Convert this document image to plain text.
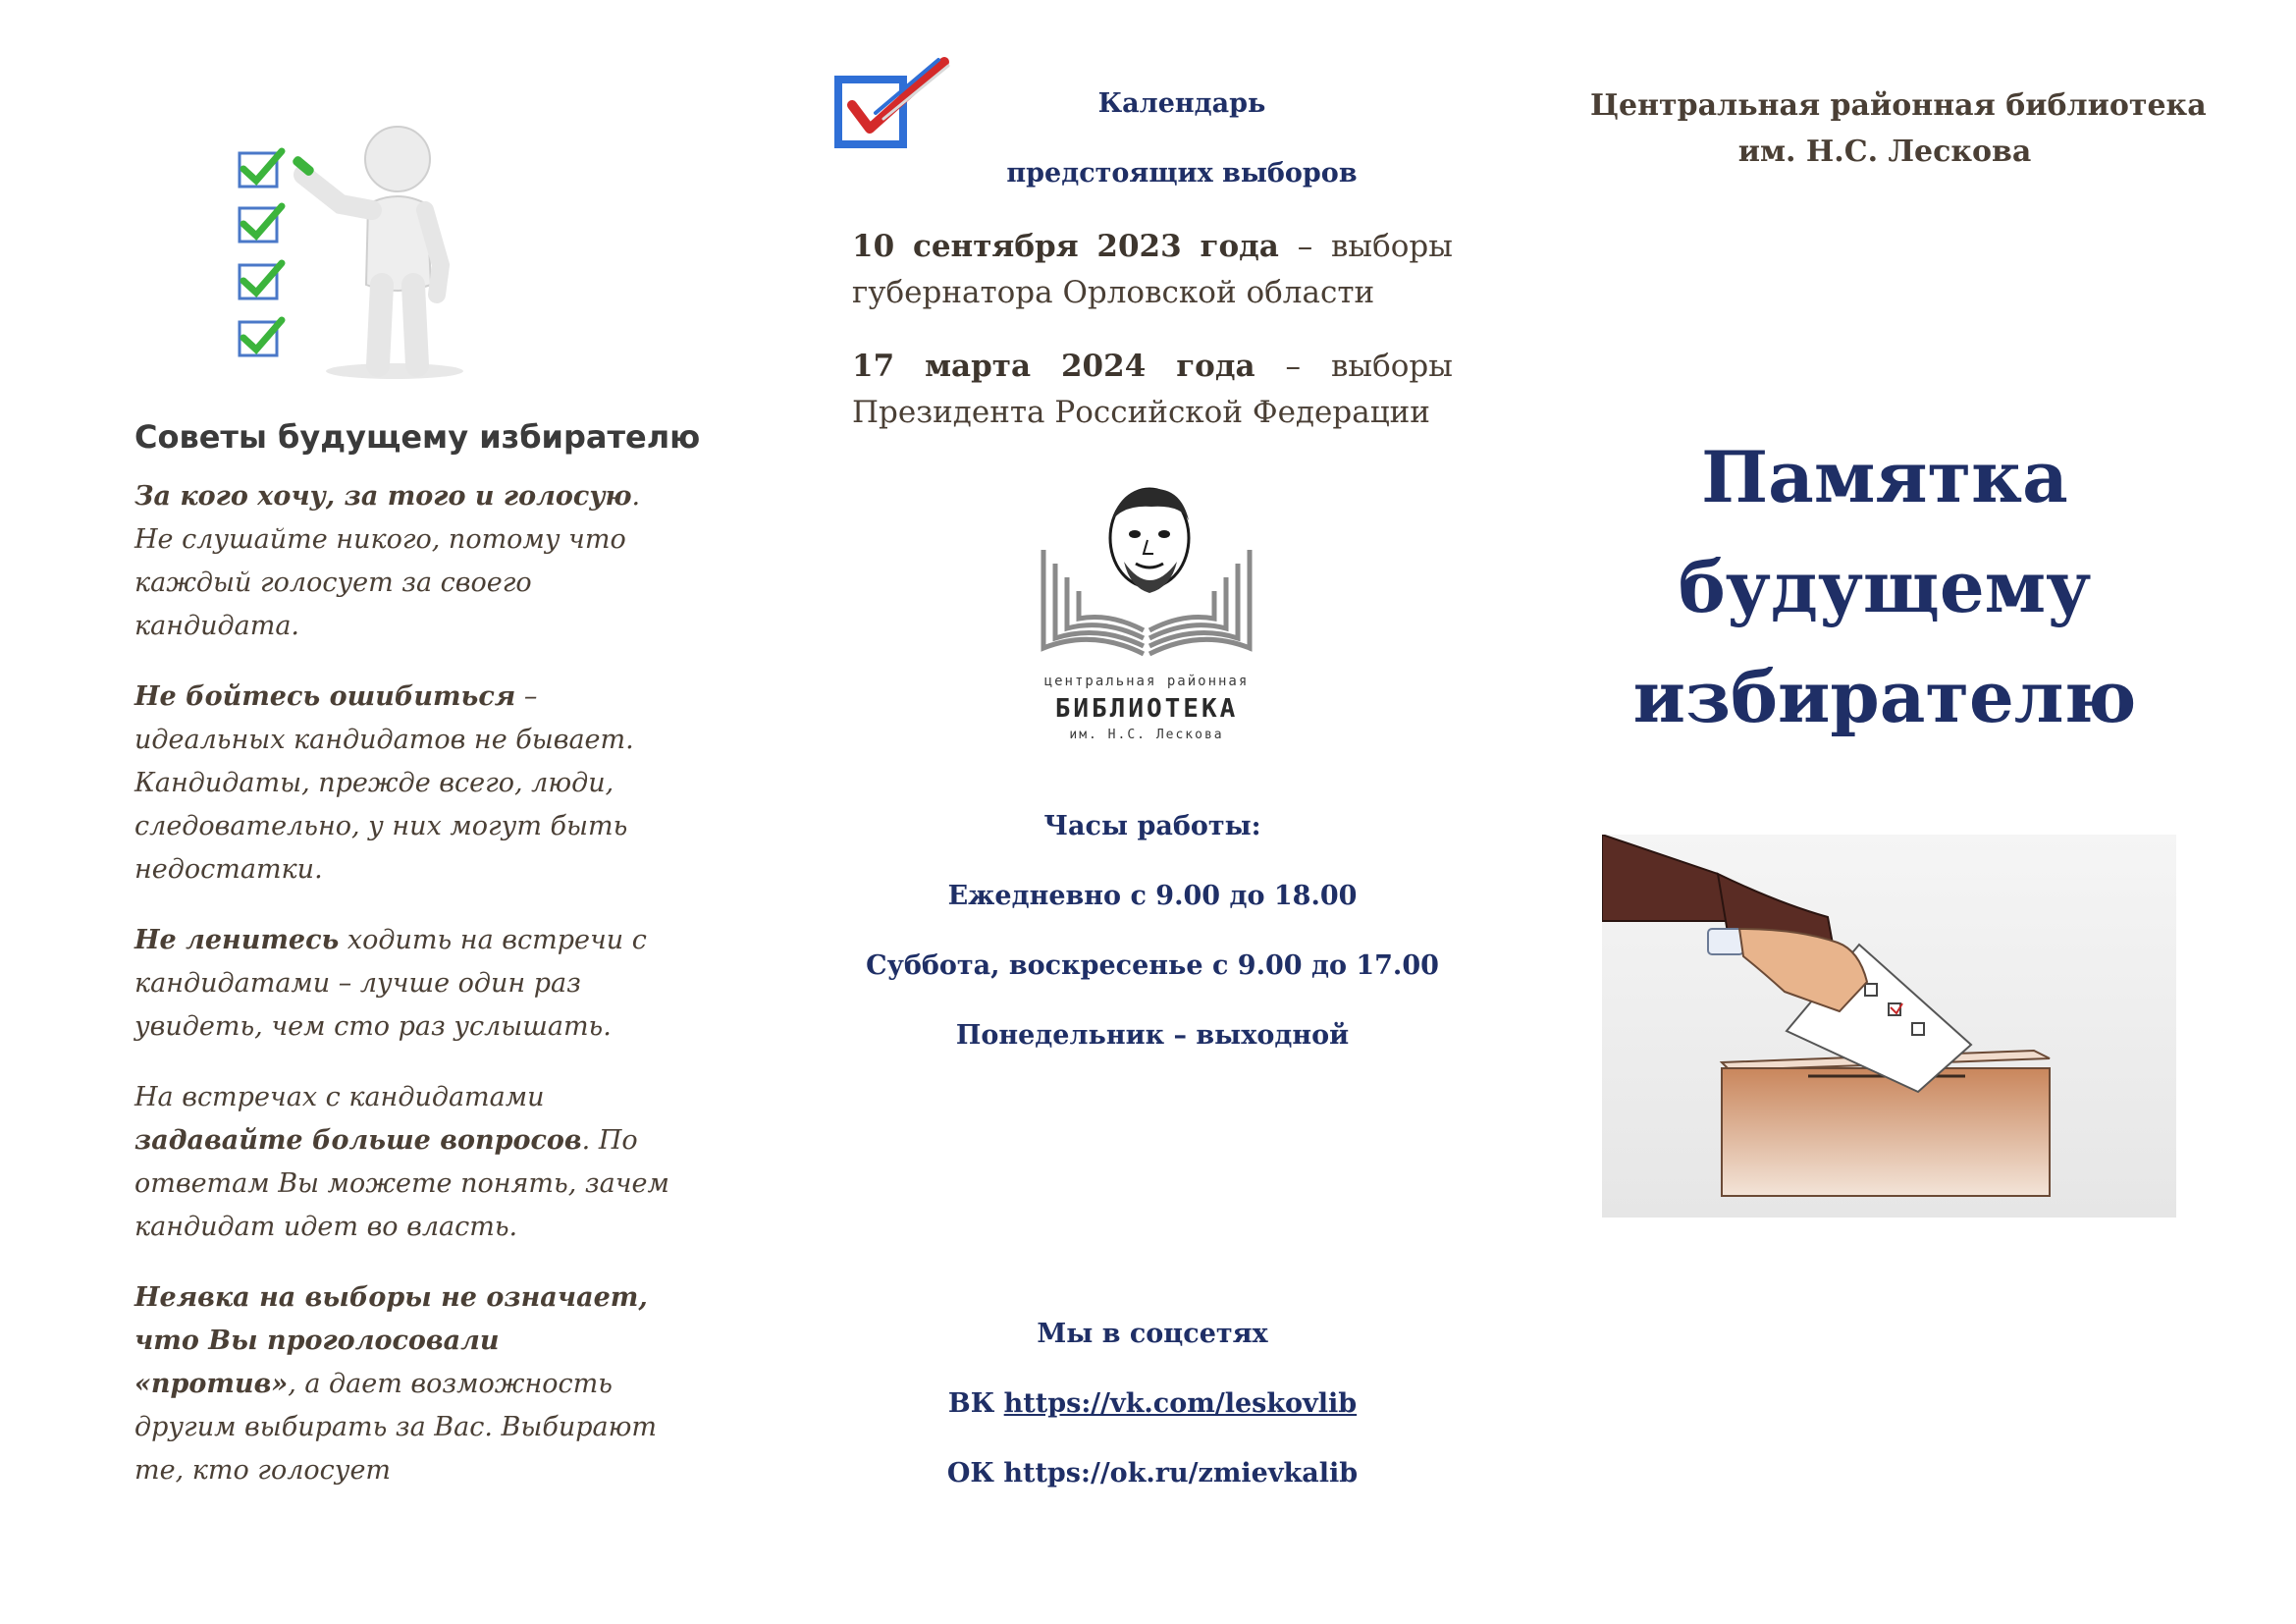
Советы будущему избирателю

За кого хочу, за того и голосую. Не слушайте никого, потому что каждый голосует за своего кандидата.

Не бойтесь ошибиться – идеальных кандидатов не бывает. Кандидаты, прежде всего, люди, следовательно, у них могут быть недостатки.

Не ленитесь ходить на встречи с кандидатами – лучше один раз увидеть, чем сто раз услышать.

На встречах с кандидатами задавайте больше вопросов. По ответам Вы можете понять, зачем кандидат идет во власть.

Неявка на выборы не означает, что Вы проголосовали «против», а дает возможность другим выбирать за Вас. Выбирают те, кто голосует

Календарь
предстоящих выборов
10 сентября 2023 года – выборы
губернатора Орловской области
17 марта 2024 года – выборы
Президента Российской Федерации
центральная районная
БИБЛИОТЕКА
им. Н.С. Лескова
Часы работы:
Ежедневно с 9.00 до 18.00
Суббота, воскресенье с 9.00 до 17.00
Понедельник – выходной
Мы в соцсетях
ВК https://vk.com/leskovlib
ОК https://ok.ru/zmievkalib
Центральная районная библиотека
им. Н.С. Лескова
Памятка
будущему
избирателю
